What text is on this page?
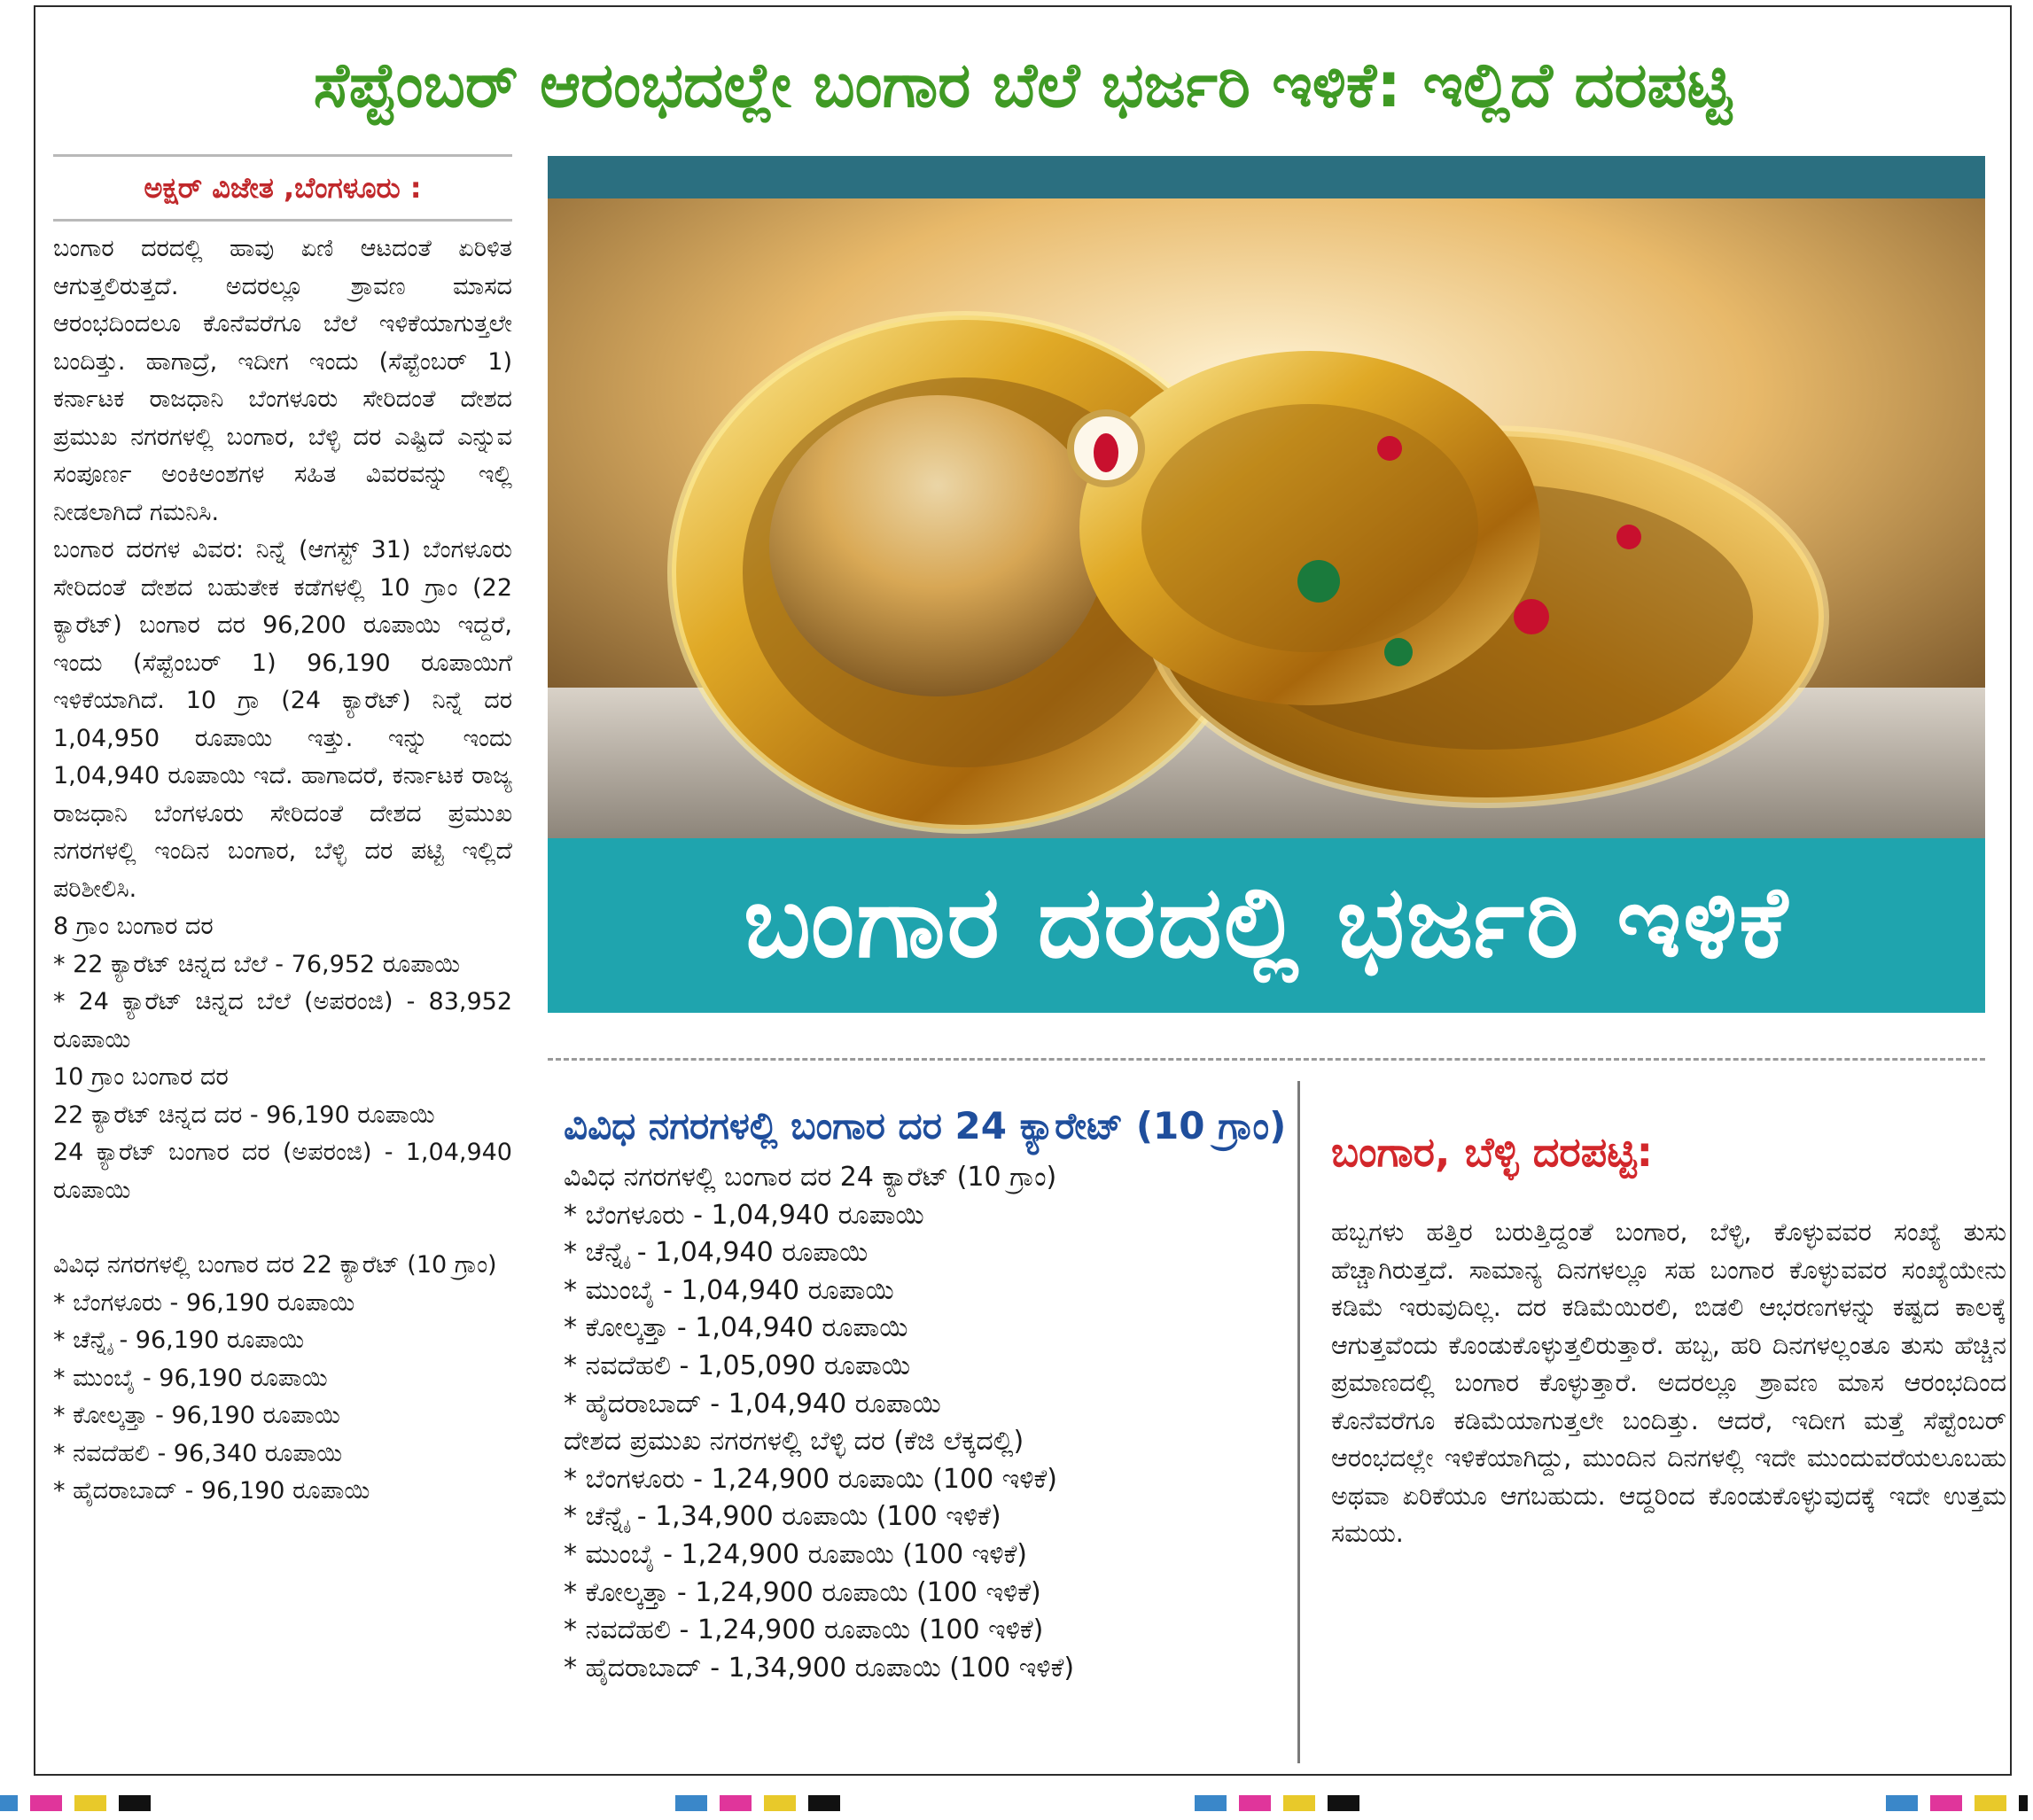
ಸೆಪ್ಟೆಂಬರ್ ಆರಂಭದಲ್ಲೇ ಬಂಗಾರ ಬೆಲೆ ಭರ್ಜರಿ ಇಳಿಕೆ: ಇಲ್ಲಿದೆ ದರಪಟ್ಟಿ
ಅಕ್ಷರ್ ವಿಜೇತ ,ಬೆಂಗಳೂರು :

ಬಂಗಾರ ದರದಲ್ಲಿ ಹಾವು ಏಣಿ ಆಟದಂತೆ ಏರಿಳಿತ ಆಗುತ್ತಲಿರುತ್ತದೆ. ಅದರಲ್ಲೂ ಶ್ರಾವಣ ಮಾಸದ ಆರಂಭದಿಂದಲೂ ಕೊನೆವರೆಗೂ ಬೆಲೆ ಇಳಿಕೆಯಾಗುತ್ತಲೇ ಬಂದಿತ್ತು. ಹಾಗಾದ್ರೆ, ಇದೀಗ ಇಂದು (ಸೆಪ್ಟೆಂಬರ್ 1) ಕರ್ನಾಟಕ ರಾಜಧಾನಿ ಬೆಂಗಳೂರು ಸೇರಿದಂತೆ ದೇಶದ ಪ್ರಮುಖ ನಗರಗಳಲ್ಲಿ ಬಂಗಾರ, ಬೆಳ್ಳಿ ದರ ಎಷ್ಟಿದೆ ಎನ್ನುವ ಸಂಪೂರ್ಣ ಅಂಕಿಅಂಶಗಳ ಸಹಿತ ವಿವರವನ್ನು ಇಲ್ಲಿ ನೀಡಲಾಗಿದೆ ಗಮನಿಸಿ.

ಬಂಗಾರ ದರಗಳ ವಿವರ: ನಿನ್ನೆ (ಆಗಸ್ಟ್ 31) ಬೆಂಗಳೂರು ಸೇರಿದಂತೆ ದೇಶದ ಬಹುತೇಕ ಕಡೆಗಳಲ್ಲಿ 10 ಗ್ರಾಂ (22 ಕ್ಯಾರೆಟ್) ಬಂಗಾರ ದರ 96,200 ರೂಪಾಯಿ ಇದ್ದರೆ, ಇಂದು (ಸೆಪ್ಟೆಂಬರ್ 1) 96,190 ರೂಪಾಯಿಗೆ ಇಳಿಕೆಯಾಗಿದೆ. 10 ಗ್ರಾ (24 ಕ್ಯಾರೆಟ್) ನಿನ್ನೆ ದರ 1,04,950 ರೂಪಾಯಿ ಇತ್ತು. ಇನ್ನು ಇಂದು 1,04,940 ರೂಪಾಯಿ ಇದೆ. ಹಾಗಾದರೆ, ಕರ್ನಾಟಕ ರಾಜ್ಯ ರಾಜಧಾನಿ ಬೆಂಗಳೂರು ಸೇರಿದಂತೆ ದೇಶದ ಪ್ರಮುಖ ನಗರಗಳಲ್ಲಿ ಇಂದಿನ ಬಂಗಾರ, ಬೆಳ್ಳಿ ದರ ಪಟ್ಟಿ ಇಲ್ಲಿದೆ ಪರಿಶೀಲಿಸಿ.

8 ಗ್ರಾಂ ಬಂಗಾರ ದರ

* 22 ಕ್ಯಾರೆಟ್ ಚಿನ್ನದ ಬೆಲೆ - 76,952 ರೂಪಾಯಿ

* 24 ಕ್ಯಾರೆಟ್ ಚಿನ್ನದ ಬೆಲೆ (ಅಪರಂಜಿ) - 83,952 ರೂಪಾಯಿ

10 ಗ್ರಾಂ ಬಂಗಾರ ದರ

22 ಕ್ಯಾರೆಟ್ ಚಿನ್ನದ ದರ - 96,190 ರೂಪಾಯಿ

24 ಕ್ಯಾರೆಟ್ ಬಂಗಾರ ದರ (ಅಪರಂಜಿ) - 1,04,940 ರೂಪಾಯಿ

ವಿವಿಧ ನಗರಗಳಲ್ಲಿ ಬಂಗಾರ ದರ 22 ಕ್ಯಾರೆಟ್ (10 ಗ್ರಾಂ)

* ಬೆಂಗಳೂರು - 96,190 ರೂಪಾಯಿ

* ಚೆನ್ನೈ - 96,190 ರೂಪಾಯಿ

* ಮುಂಬೈ - 96,190 ರೂಪಾಯಿ

* ಕೋಲ್ಕತ್ತಾ - 96,190 ರೂಪಾಯಿ

* ನವದೆಹಲಿ - 96,340 ರೂಪಾಯಿ

* ಹೈದರಾಬಾದ್ - 96,190 ರೂಪಾಯಿ

ಬಂಗಾರ ದರದಲ್ಲಿ ಭರ್ಜರಿ ಇಳಿಕೆ
ವಿವಿಧ ನಗರಗಳಲ್ಲಿ ಬಂಗಾರ ದರ 24 ಕ್ಯಾರೇಟ್ (10 ಗ್ರಾಂ)
ವಿವಿಧ ನಗರಗಳಲ್ಲಿ ಬಂಗಾರ ದರ 24 ಕ್ಯಾರೆಟ್ (10 ಗ್ರಾಂ)
* ಬೆಂಗಳೂರು - 1,04,940 ರೂಪಾಯಿ
* ಚೆನ್ನೈ - 1,04,940 ರೂಪಾಯಿ
* ಮುಂಬೈ - 1,04,940 ರೂಪಾಯಿ
* ಕೋಲ್ಕತ್ತಾ - 1,04,940 ರೂಪಾಯಿ
* ನವದೆಹಲಿ - 1,05,090 ರೂಪಾಯಿ
* ಹೈದರಾಬಾದ್ - 1,04,940 ರೂಪಾಯಿ
ದೇಶದ ಪ್ರಮುಖ ನಗರಗಳಲ್ಲಿ ಬೆಳ್ಳಿ ದರ (ಕೆಜಿ ಲೆಕ್ಕದಲ್ಲಿ)
* ಬೆಂಗಳೂರು - 1,24,900 ರೂಪಾಯಿ (100 ಇಳಿಕೆ)
* ಚೆನ್ನೈ - 1,34,900 ರೂಪಾಯಿ (100 ಇಳಿಕೆ)
* ಮುಂಬೈ - 1,24,900 ರೂಪಾಯಿ (100 ಇಳಿಕೆ)
* ಕೋಲ್ಕತ್ತಾ - 1,24,900 ರೂಪಾಯಿ (100 ಇಳಿಕೆ)
* ನವದೆಹಲಿ - 1,24,900 ರೂಪಾಯಿ (100 ಇಳಿಕೆ)
* ಹೈದರಾಬಾದ್ - 1,34,900 ರೂಪಾಯಿ (100 ಇಳಿಕೆ)
ಬಂಗಾರ, ಬೆಳ್ಳಿ ದರಪಟ್ಟಿ:

ಹಬ್ಬಗಳು ಹತ್ತಿರ ಬರುತ್ತಿದ್ದಂತೆ ಬಂಗಾರ, ಬೆಳ್ಳಿ, ಕೊಳ್ಳುವವರ ಸಂಖ್ಯೆ ತುಸು ಹೆಚ್ಚಾಗಿರುತ್ತದೆ. ಸಾಮಾನ್ಯ ದಿನಗಳಲ್ಲೂ ಸಹ ಬಂಗಾರ ಕೊಳ್ಳುವವರ ಸಂಖ್ಯೆಯೇನು ಕಡಿಮೆ ಇರುವುದಿಲ್ಲ. ದರ ಕಡಿಮೆಯಿರಲಿ, ಬಿಡಲಿ ಆಭರಣಗಳನ್ನು ಕಷ್ಟದ ಕಾಲಕ್ಕೆ ಆಗುತ್ತವೆಂದು ಕೊಂಡುಕೊಳ್ಳುತ್ತಲಿರುತ್ತಾರೆ. ಹಬ್ಬ, ಹರಿ ದಿನಗಳಲ್ಲಂತೂ ತುಸು ಹೆಚ್ಚಿನ ಪ್ರಮಾಣದಲ್ಲಿ ಬಂಗಾರ ಕೊಳ್ಳುತ್ತಾರೆ. ಅದರಲ್ಲೂ ಶ್ರಾವಣ ಮಾಸ ಆರಂಭದಿಂದ ಕೊನೆವರೆಗೂ ಕಡಿಮೆಯಾಗುತ್ತಲೇ ಬಂದಿತ್ತು. ಆದರೆ, ಇದೀಗ ಮತ್ತೆ ಸೆಪ್ಟೆಂಬರ್ ಆರಂಭದಲ್ಲೇ ಇಳಿಕೆಯಾಗಿದ್ದು, ಮುಂದಿನ ದಿನಗಳಲ್ಲಿ ಇದೇ ಮುಂದುವರೆಯಲೂಬಹು ಅಥವಾ ಏರಿಕೆಯೂ ಆಗಬಹುದು. ಆದ್ದರಿಂದ ಕೊಂಡುಕೊಳ್ಳುವುದಕ್ಕೆ ಇದೇ ಉತ್ತಮ ಸಮಯ.
